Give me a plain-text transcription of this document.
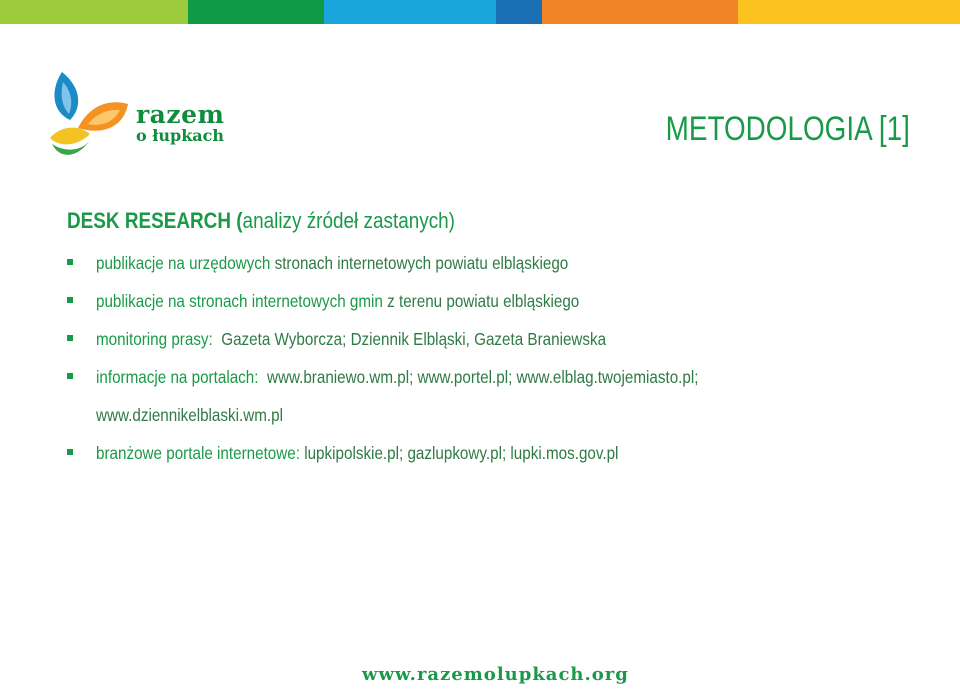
razem
o łupkach	METODOLOGIA [1]
DESK RESEARCH (analizy źródeł zastanych)
publikacje na urzędowych stronach internetowych powiatu elbląskiego
publikacje na stronach internetowych gmin z terenu powiatu elbląskiego
monitoring prasy:  Gazeta Wyborcza; Dziennik Elbląski, Gazeta Braniewska
informacje na portalach:  www.braniewo.wm.pl; www.portel.pl; www.elblag.twojemiasto.pl;
www.dziennikelblaski.wm.pl
branżowe portale internetowe: lupkipolskie.pl; gazlupkowy.pl; lupki.mos.gov.pl
www.razemolupkach.org
